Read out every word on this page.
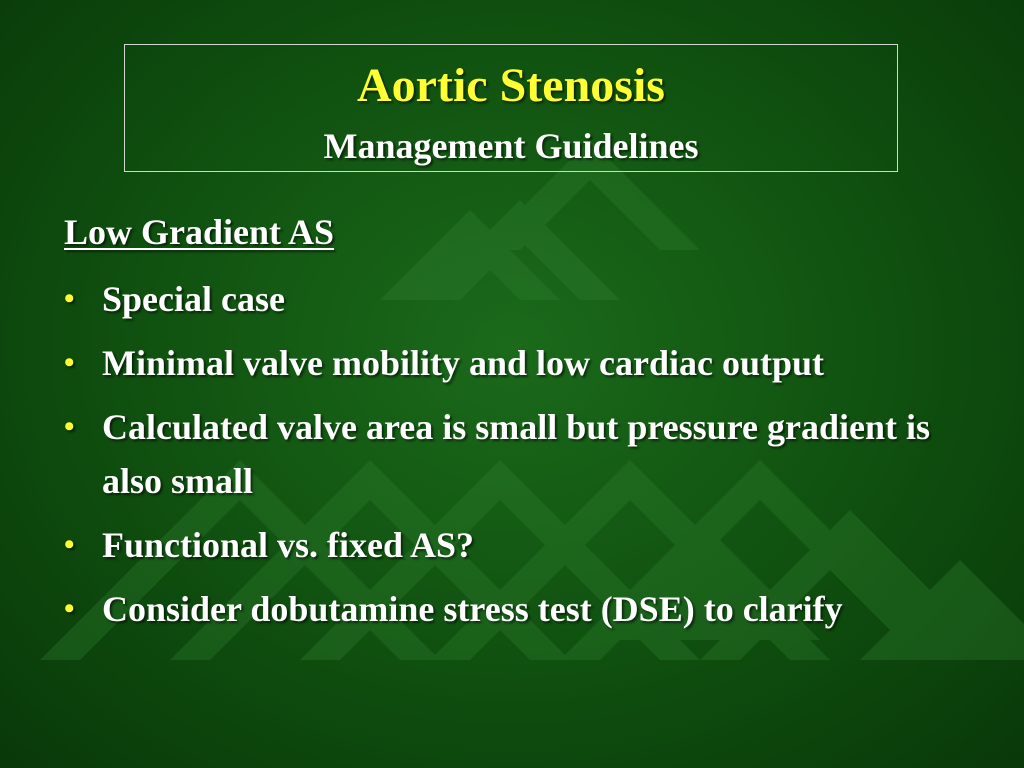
Aortic Stenosis
Management Guidelines
Low Gradient AS
• Special case
• Minimal valve mobility and low cardiac output
• Calculated valve area is small but pressure gradient is also small
• Functional vs. fixed AS?
• Consider dobutamine stress test (DSE) to clarify
